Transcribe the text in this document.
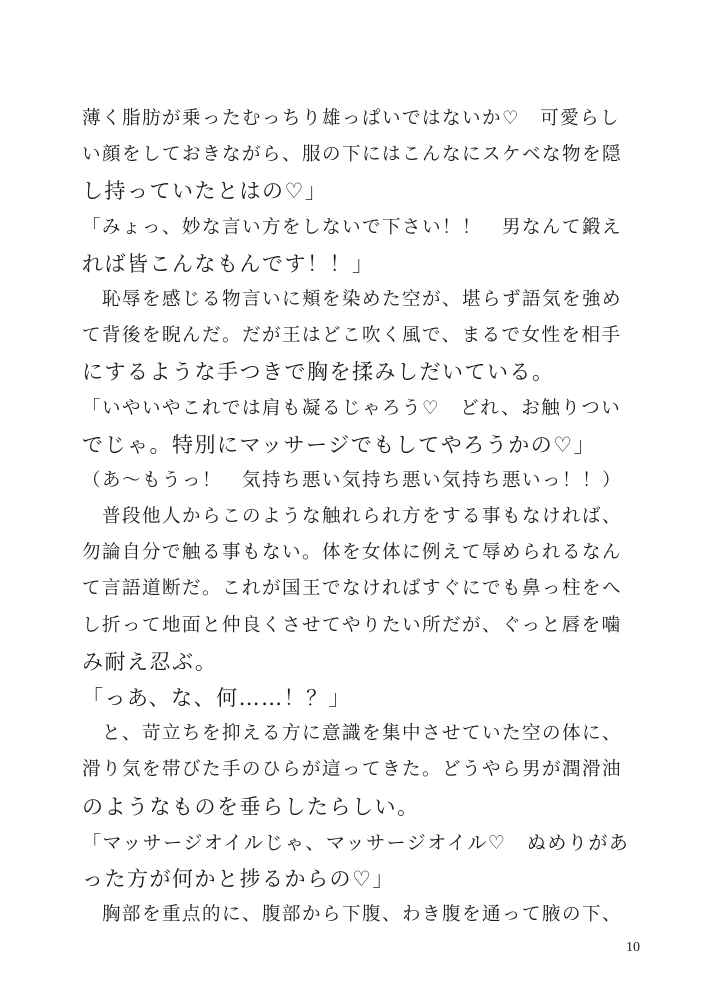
薄く脂肪が乗ったむっちり雄っぱいではないか♡　可愛らし
い顔をしておきながら、服の下にはこんなにスケベな物を隠
し持っていたとはの♡」
「みょっ、妙な言い方をしないで下さい！！　男なんて鍛え
れば皆こんなもんです！！」
　恥辱を感じる物言いに頬を染めた空が、堪らず語気を強め
て背後を睨んだ。だが王はどこ吹く風で、まるで女性を相手
にするような手つきで胸を揉みしだいている。
「いやいやこれでは肩も凝るじゃろう♡　どれ、お触りつい
でじゃ。特別にマッサージでもしてやろうかの♡」
（あ〜もうっ！　気持ち悪い気持ち悪い気持ち悪いっ！！）
　普段他人からこのような触れられ方をする事もなければ、
勿論自分で触る事もない。体を女体に例えて辱められるなん
て言語道断だ。これが国王でなければすぐにでも鼻っ柱をへ
し折って地面と仲良くさせてやりたい所だが、ぐっと唇を噛
み耐え忍ぶ。
「っあ、な、何……！？」
　と、苛立ちを抑える方に意識を集中させていた空の体に、
滑り気を帯びた手のひらが這ってきた。どうやら男が潤滑油
のようなものを垂らしたらしい。
「マッサージオイルじゃ、マッサージオイル♡　ぬめりがあ
った方が何かと捗るからの♡」
　胸部を重点的に、腹部から下腹、わき腹を通って腋の下、
10
